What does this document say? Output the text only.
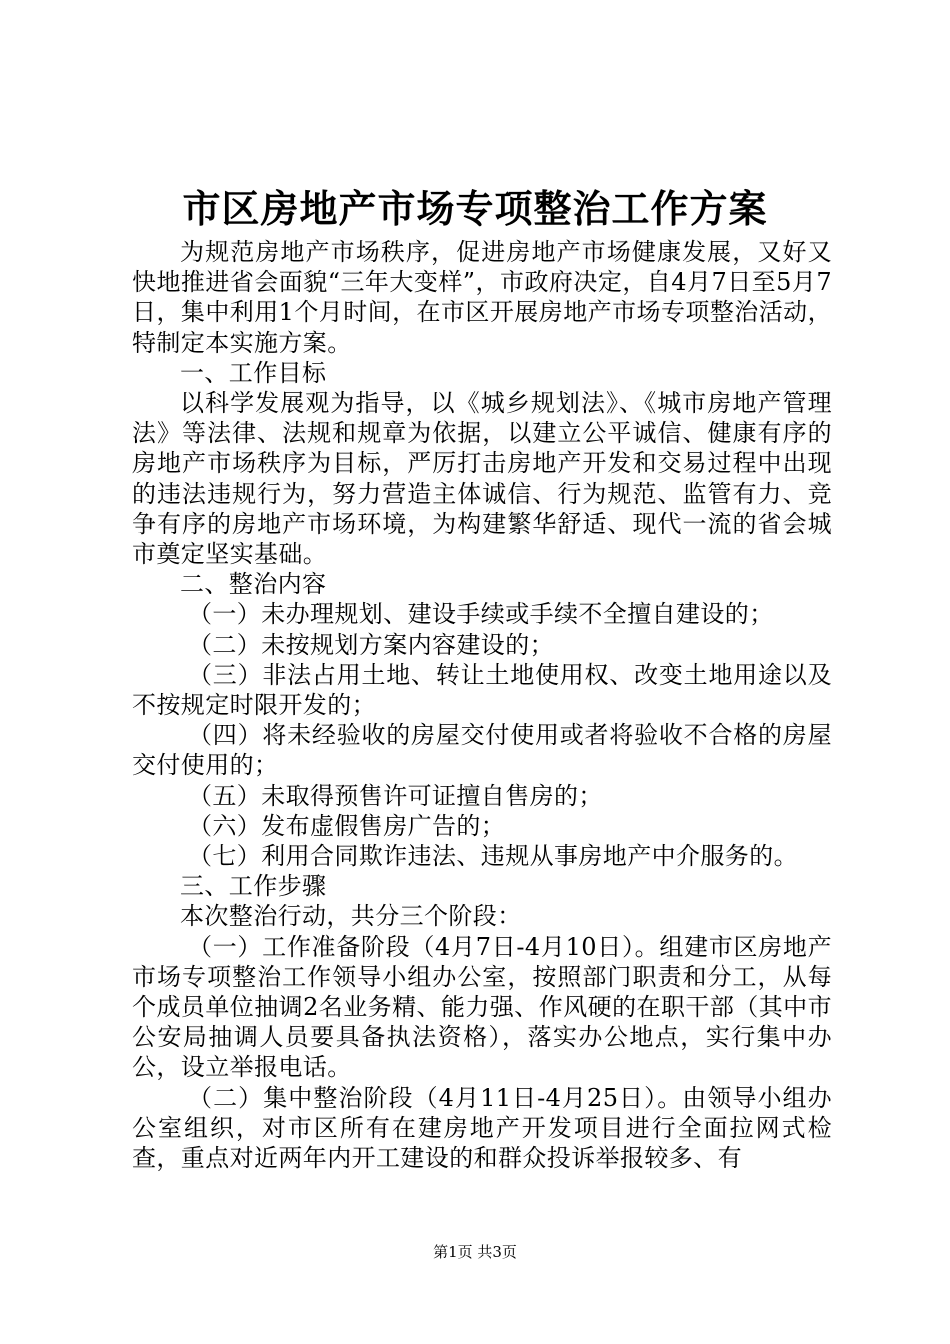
市区房地产市场专项整治工作方案

为规范房地产市场秩序，促进房地产市场健康发展，又好又快地推进省会面貌“三年大变样”，市政府决定，自4月7日至5月7日，集中利用1个月时间，在市区开展房地产市场专项整治活动，特制定本实施方案。

一、工作目标

以科学发展观为指导，以《城乡规划法》、《城市房地产管理法》等法律、法规和规章为依据，以建立公平诚信、健康有序的房地产市场秩序为目标，严厉打击房地产开发和交易过程中出现的违法违规行为，努力营造主体诚信、行为规范、监管有力、竞争有序的房地产市场环境，为构建繁华舒适、现代一流的省会城市奠定坚实基础。

二、整治内容

（一）未办理规划、建设手续或手续不全擅自建设的；

（二）未按规划方案内容建设的；

（三）非法占用土地、转让土地使用权、改变土地用途以及不按规定时限开发的；

（四）将未经验收的房屋交付使用或者将验收不合格的房屋交付使用的；

（五）未取得预售许可证擅自售房的；

（六）发布虚假售房广告的；

（七）利用合同欺诈违法、违规从事房地产中介服务的。

三、工作步骤

本次整治行动，共分三个阶段：

（一）工作准备阶段（4月7日-4月10日）。组建市区房地产市场专项整治工作领导小组办公室，按照部门职责和分工，从每个成员单位抽调2名业务精、能力强、作风硬的在职干部（其中市公安局抽调人员要具备执法资格），落实办公地点，实行集中办公，设立举报电话。

（二）集中整治阶段（4月11日-4月25日）。由领导小组办公室组织，对市区所有在建房地产开发项目进行全面拉网式检查，重点对近两年内开工建设的和群众投诉举报较多、有

第1页 共3页
